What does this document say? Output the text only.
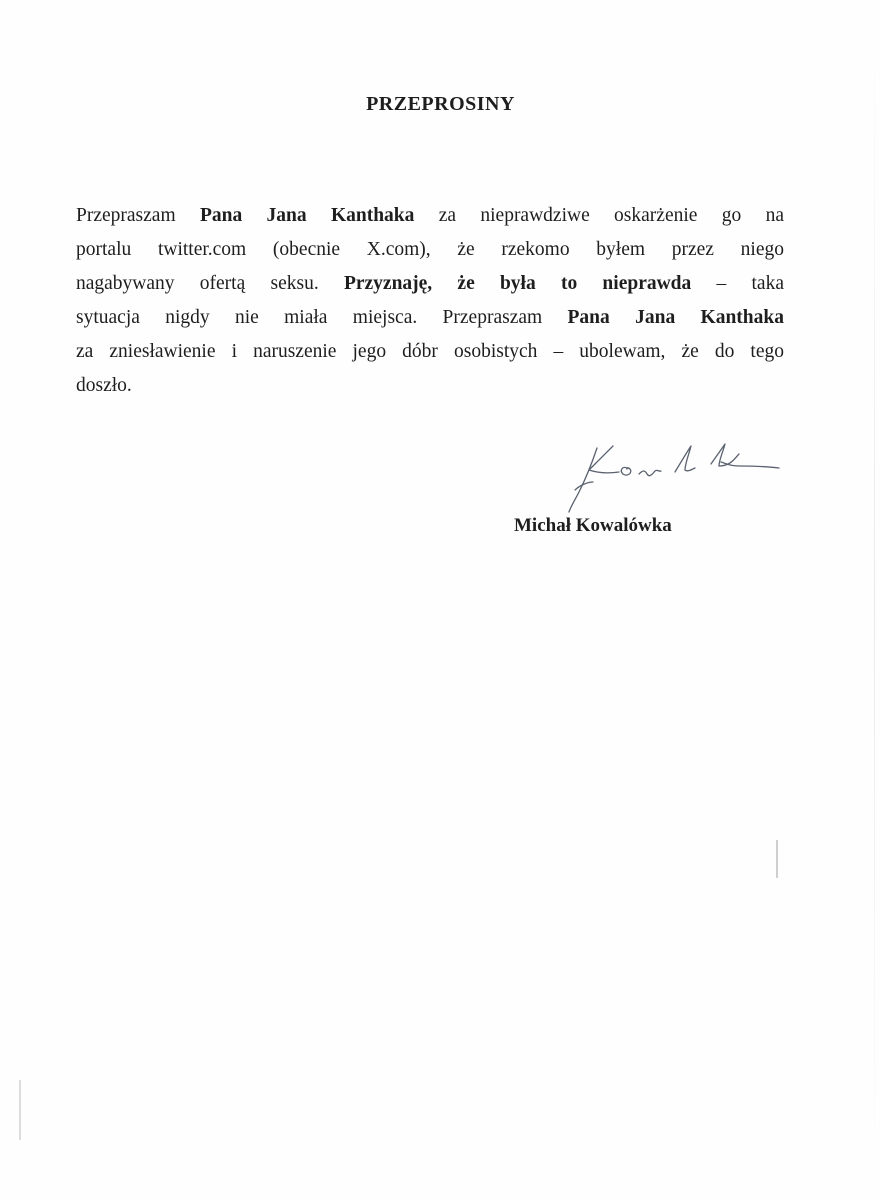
PRZEPROSINY
Przepraszam Pana Jana Kanthaka za nieprawdziwe oskarżenie go na
portalu twitter.com (obecnie X.com), że rzekomo byłem przez niego
nagabywany ofertą seksu. Przyznaję, że była to nieprawda – taka
sytuacja nigdy nie miała miejsca. Przepraszam Pana Jana Kanthaka
za zniesławienie i naruszenie jego dóbr osobistych – ubolewam, że do tego
doszło.
Michał Kowalówka
